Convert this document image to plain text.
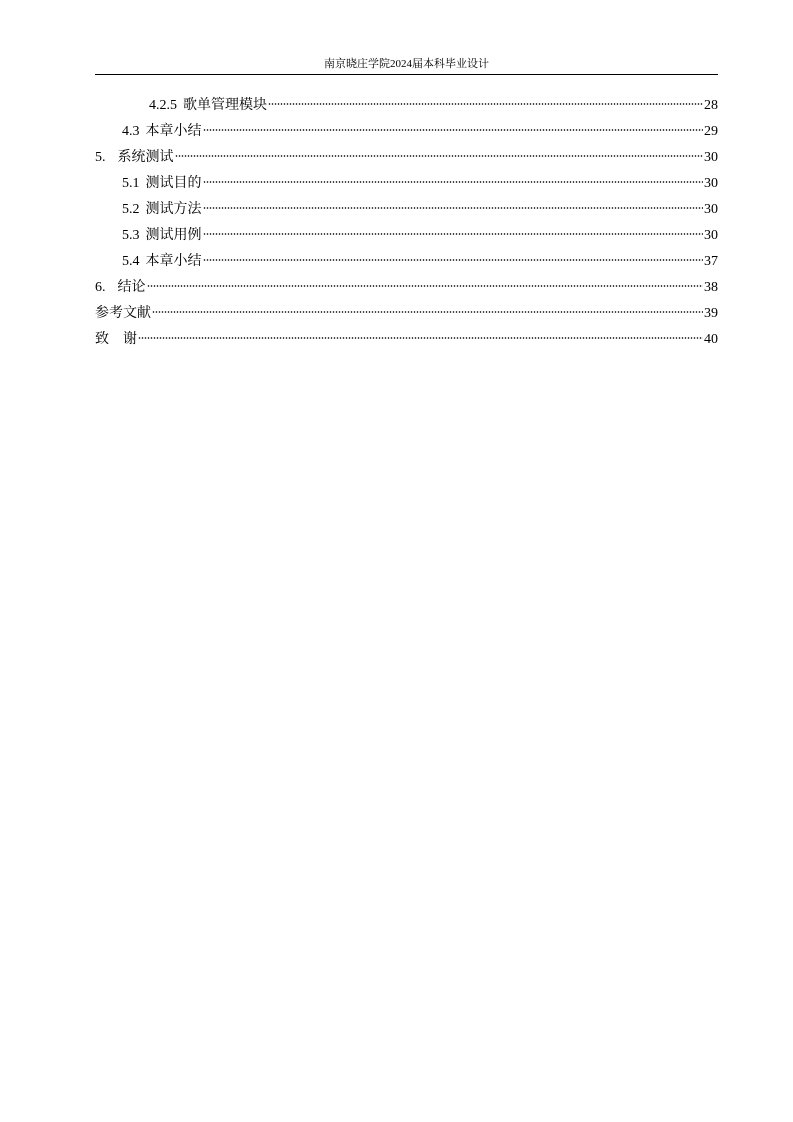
南京晓庄学院2024届本科毕业设计
4.2.5 歌单管理模块	28
4.3 本章小结	29
5. 系统测试	30
5.1 测试目的	30
5.2 测试方法	30
5.3 测试用例	30
5.4 本章小结	37
6. 结论	38
参考文献	39
致　谢	40
